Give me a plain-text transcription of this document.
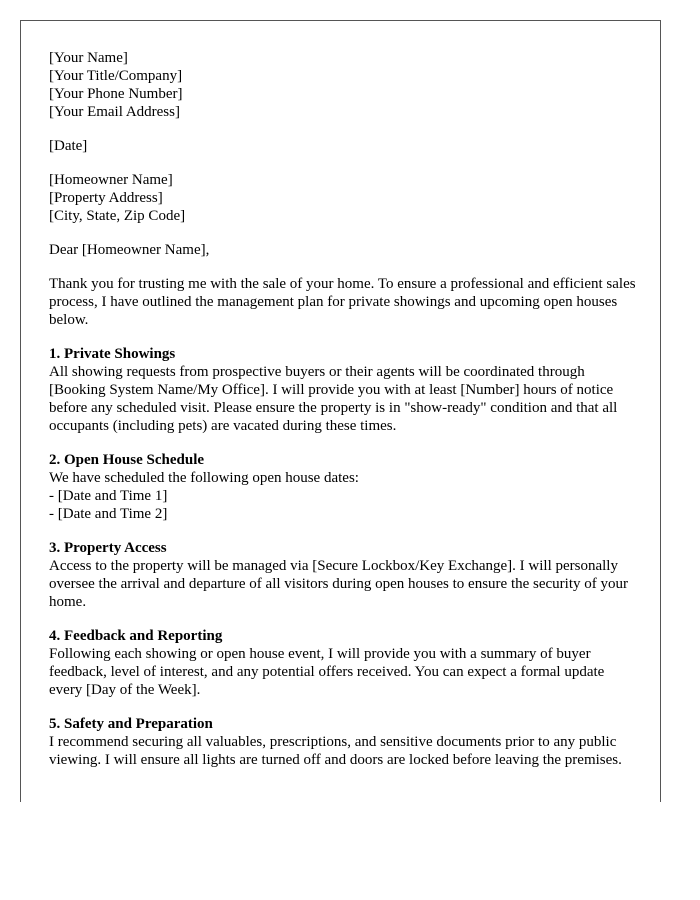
[Your Name]
[Your Title/Company]
[Your Phone Number]
[Your Email Address]

[Date]

[Homeowner Name]
[Property Address]
[City, State, Zip Code]

Dear [Homeowner Name],

Thank you for trusting me with the sale of your home. To ensure a professional and efficient sales process, I have outlined the management plan for private showings and upcoming open houses below.

1. Private Showings
All showing requests from prospective buyers or their agents will be coordinated through [Booking System Name/My Office]. I will provide you with at least [Number] hours of notice before any scheduled visit. Please ensure the property is in "show-ready" condition and that all occupants (including pets) are vacated during these times.

2. Open House Schedule
We have scheduled the following open house dates:
- [Date and Time 1]
- [Date and Time 2]

3. Property Access
Access to the property will be managed via [Secure Lockbox/Key Exchange]. I will personally oversee the arrival and departure of all visitors during open houses to ensure the security of your home.

4. Feedback and Reporting
Following each showing or open house event, I will provide you with a summary of buyer feedback, level of interest, and any potential offers received. You can expect a formal update every [Day of the Week].

5. Safety and Preparation
I recommend securing all valuables, prescriptions, and sensitive documents prior to any public viewing. I will ensure all lights are turned off and doors are locked before leaving the premises.
